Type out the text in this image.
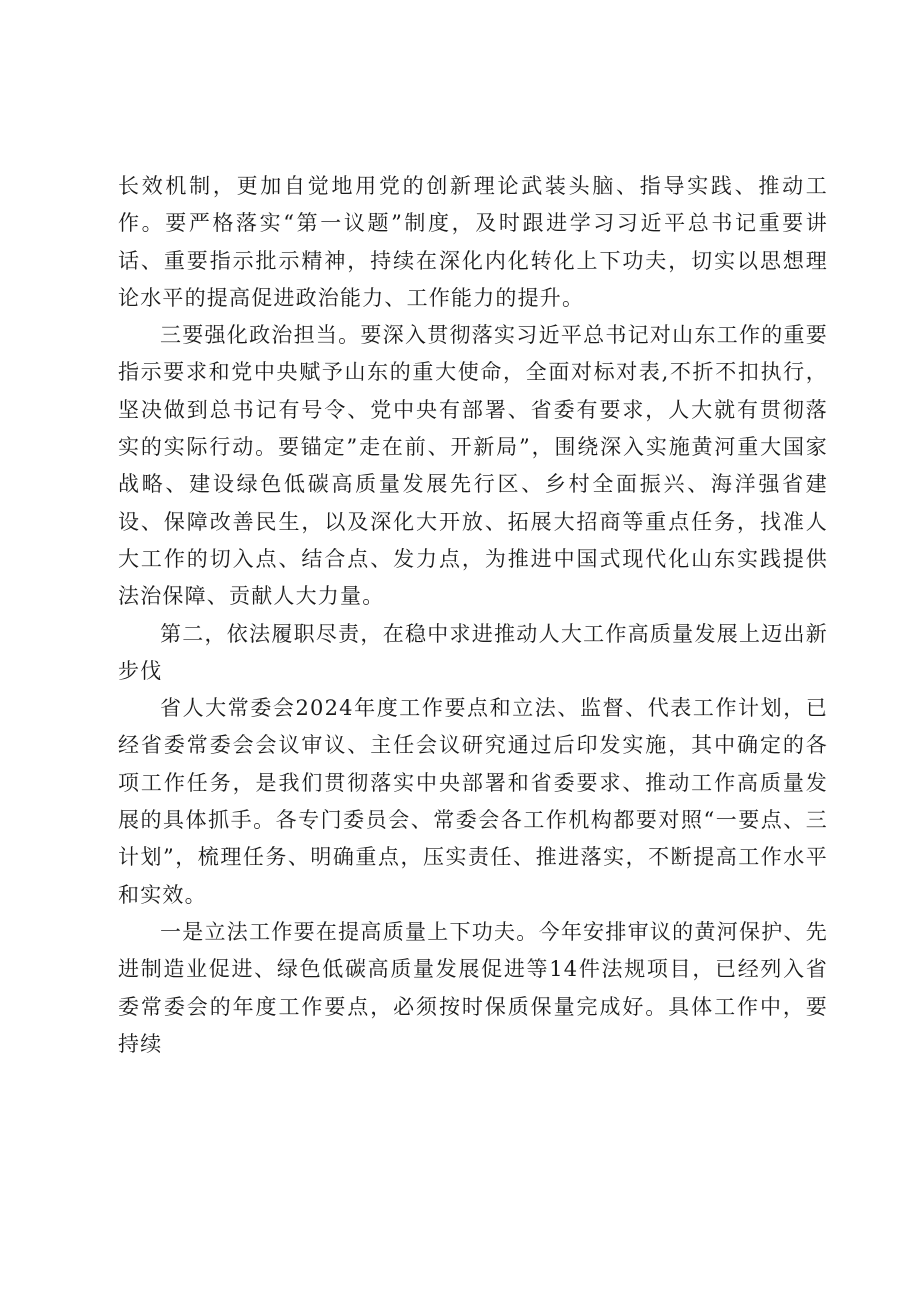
长效机制，更加自觉地用党的创新理论武装头脑、指导实践、推动工作。要严格落实“第一议题”制度，及时跟进学习习近平总书记重要讲话、重要指示批示精神，持续在深化内化转化上下功夫，切实以思想理论水平的提高促进政治能力、工作能力的提升。

三要强化政治担当。要深入贯彻落实习近平总书记对山东工作的重要指示要求和党中央赋予山东的重大使命，全面对标对表,不折不扣执行，坚决做到总书记有号令、党中央有部署、省委有要求，人大就有贯彻落实的实际行动。要锚定”走在前、开新局”，围绕深入实施黄河重大国家战略、建设绿色低碳高质量发展先行区、乡村全面振兴、海洋强省建设、保障改善民生，以及深化大开放、拓展大招商等重点任务，找准人大工作的切入点、结合点、发力点，为推进中国式现代化山东实践提供法治保障、贡献人大力量。

第二，依法履职尽责，在稳中求进推动人大工作高质量发展上迈出新步伐

省人大常委会2024年度工作要点和立法、监督、代表工作计划，已经省委常委会会议审议、主任会议研究通过后印发实施，其中确定的各项工作任务，是我们贯彻落实中央部署和省委要求、推动工作高质量发展的具体抓手。各专门委员会、常委会各工作机构都要对照“一要点、三计划”，梳理任务、明确重点，压实责任、推进落实，不断提高工作水平和实效。

一是立法工作要在提高质量上下功夫。今年安排审议的黄河保护、先进制造业促进、绿色低碳高质量发展促进等14件法规项目，已经列入省委常委会的年度工作要点，必须按时保质保量完成好。具体工作中，要持续
